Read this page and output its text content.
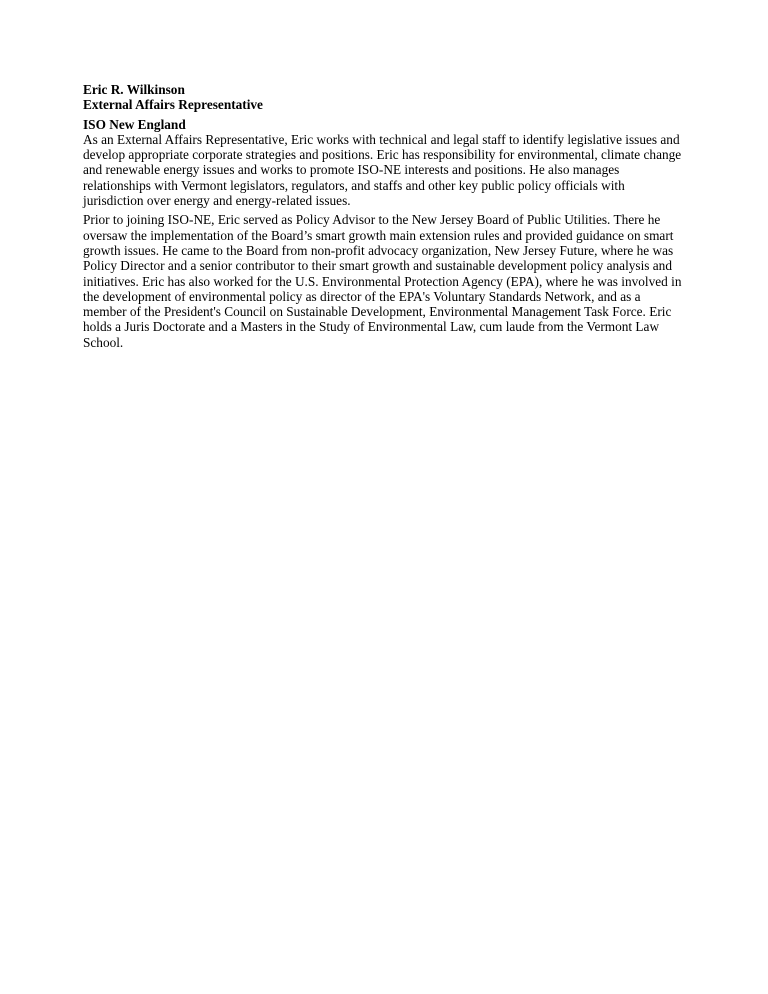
Eric R. Wilkinson
External Affairs Representative
ISO New England

As an External Affairs Representative, Eric works with technical and legal staff to identify legislative issues and develop appropriate corporate strategies and positions. Eric has responsibility for environmental, climate change and renewable energy issues and works to promote ISO-NE interests and positions. He also manages relationships with Vermont legislators, regulators, and staffs and other key public policy officials with jurisdiction over energy and energy-related issues.

Prior to joining ISO-NE, Eric served as Policy Advisor to the New Jersey Board of Public Utilities. There he oversaw the implementation of the Board’s smart growth main extension rules and provided guidance on smart growth issues. He came to the Board from non-profit advocacy organization, New Jersey Future, where he was Policy Director and a senior contributor to their smart growth and sustainable development policy analysis and initiatives. Eric has also worked for the U.S. Environmental Protection Agency (EPA), where he was involved in the development of environmental policy as director of the EPA's Voluntary Standards Network, and as a member of the President's Council on Sustainable Development, Environmental Management Task Force. Eric holds a Juris Doctorate and a Masters in the Study of Environmental Law, cum laude from the Vermont Law School.
